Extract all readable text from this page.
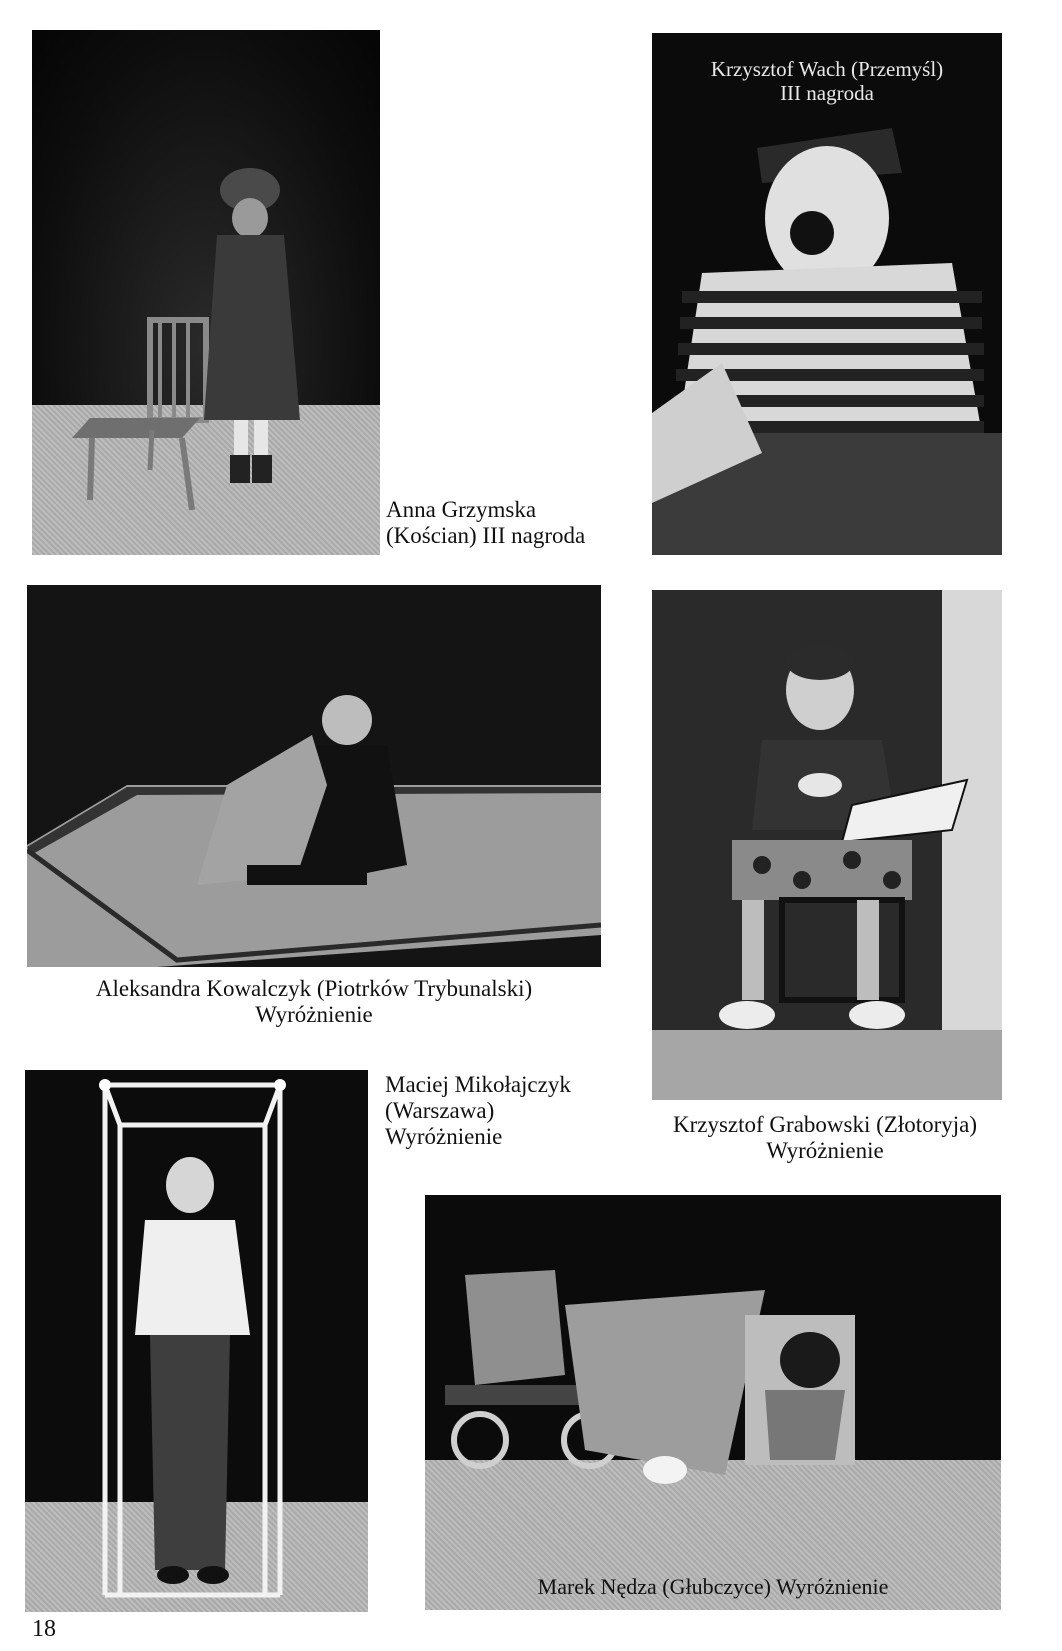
Anna Grzymska
(Kościan) III nagroda
Krzysztof Wach (Przemyśl)
III nagroda
Aleksandra Kowalczyk (Piotrków Trybunalski)
Wyróżnienie
Krzysztof Grabowski (Złotoryja)
Wyróżnienie
Maciej Mikołajczyk
(Warszawa)
Wyróżnienie
Marek Nędza (Głubczyce) Wyróżnienie
18
